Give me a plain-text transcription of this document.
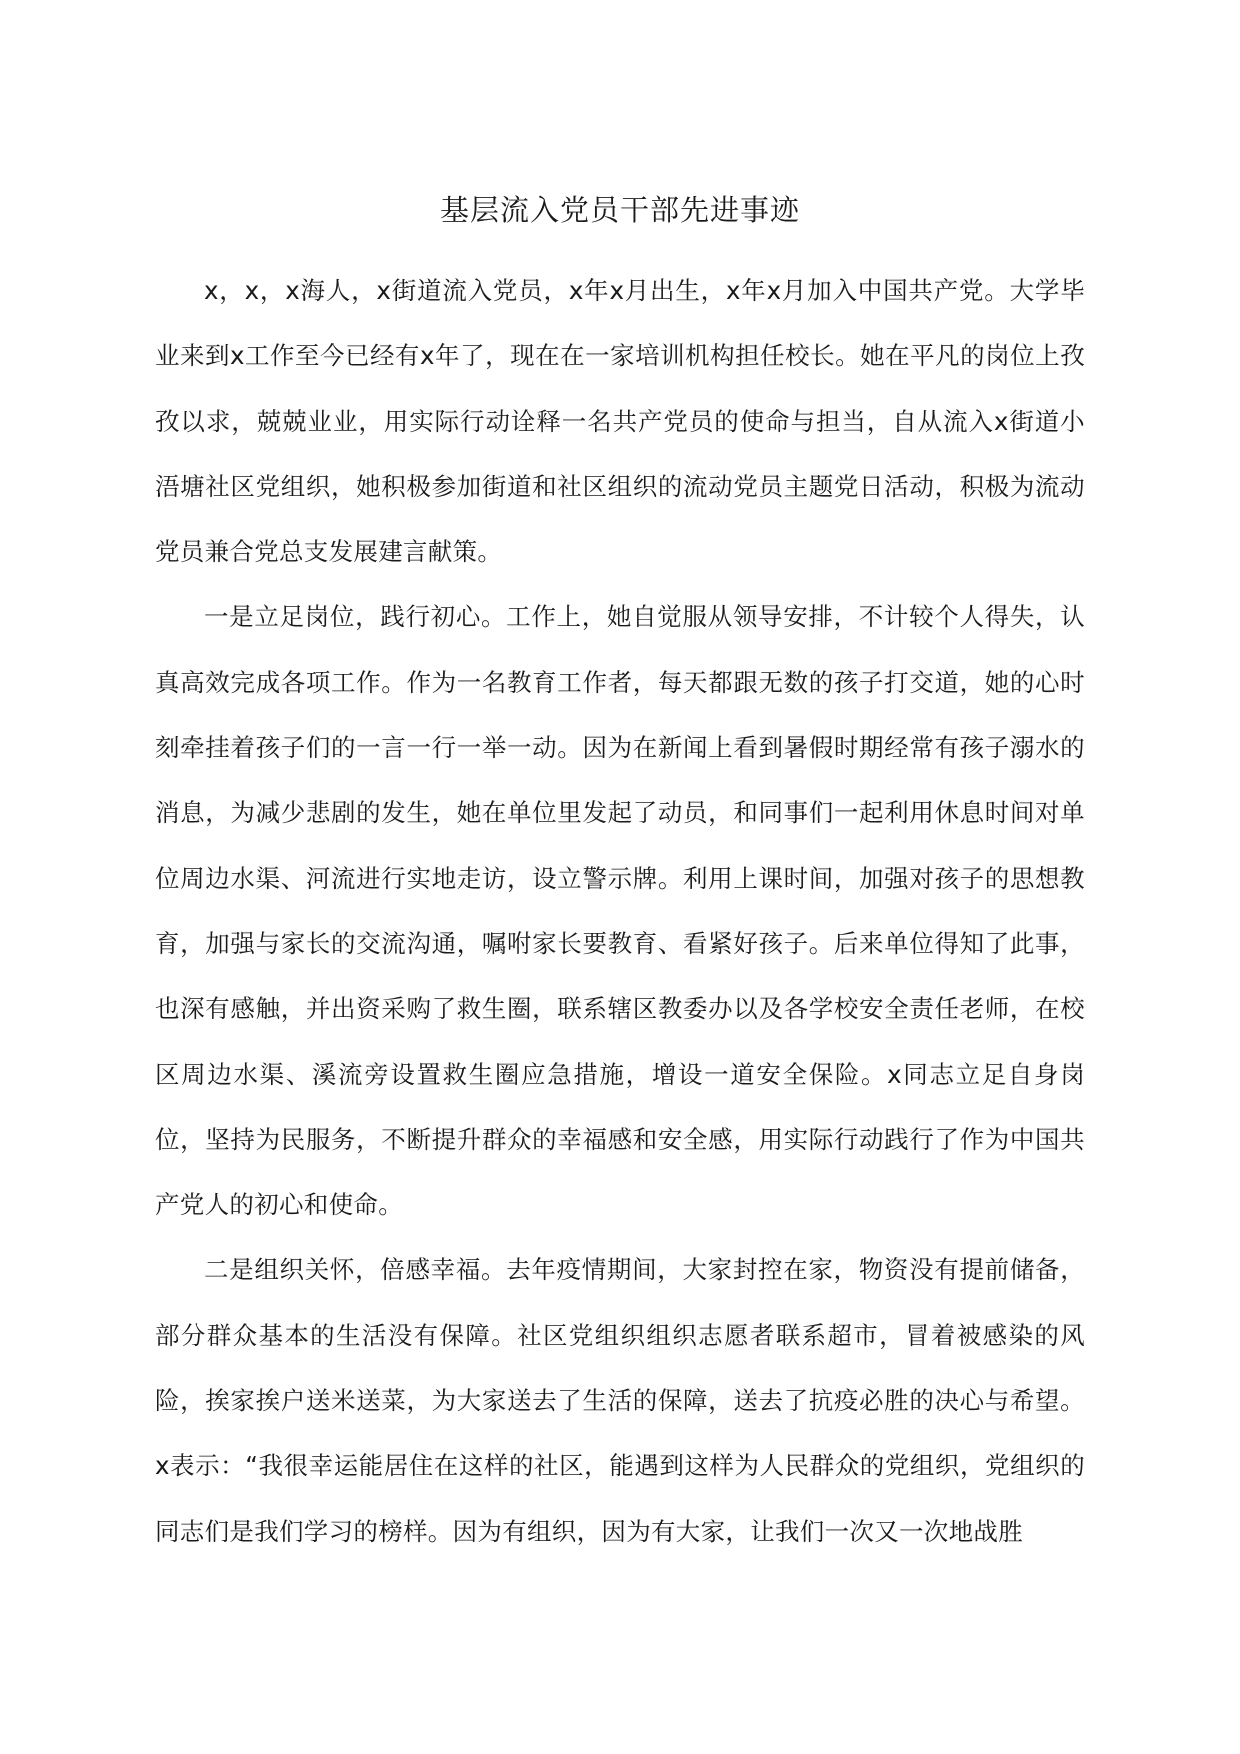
基层流入党员干部先进事迹

x，x，x海人，x街道流入党员，x年x月出生，x年x月加入中国共产党。大学毕业来到x工作至今已经有x年了，现在在一家培训机构担任校长。她在平凡的岗位上孜孜以求，兢兢业业，用实际行动诠释一名共产党员的使命与担当，自从流入x街道小浯塘社区党组织，她积极参加街道和社区组织的流动党员主题党日活动，积极为流动党员兼合党总支发展建言献策。

一是立足岗位，践行初心。工作上，她自觉服从领导安排，不计较个人得失，认真高效完成各项工作。作为一名教育工作者，每天都跟无数的孩子打交道，她的心时刻牵挂着孩子们的一言一行一举一动。因为在新闻上看到暑假时期经常有孩子溺水的消息，为减少悲剧的发生，她在单位里发起了动员，和同事们一起利用休息时间对单位周边水渠、河流进行实地走访，设立警示牌。利用上课时间，加强对孩子的思想教育，加强与家长的交流沟通，嘱咐家长要教育、看紧好孩子。后来单位得知了此事，也深有感触，并出资采购了救生圈，联系辖区教委办以及各学校安全责任老师，在校区周边水渠、溪流旁设置救生圈应急措施，增设一道安全保险。x同志立足自身岗位，坚持为民服务，不断提升群众的幸福感和安全感，用实际行动践行了作为中国共产党人的初心和使命。

二是组织关怀，倍感幸福。去年疫情期间，大家封控在家，物资没有提前储备，部分群众基本的生活没有保障。社区党组织组织志愿者联系超市，冒着被感染的风险，挨家挨户送米送菜，为大家送去了生活的保障，送去了抗疫必胜的决心与希望。x表示：“我很幸运能居住在这样的社区，能遇到这样为人民群众的党组织，党组织的同志们是我们学习的榜样。因为有组织，因为有大家，让我们一次又一次地战胜
